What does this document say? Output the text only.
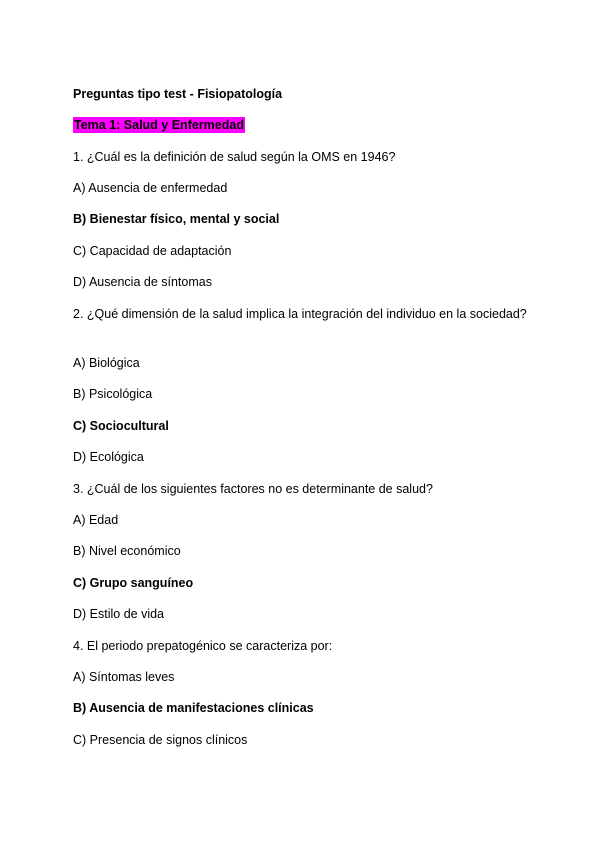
Preguntas tipo test - Fisiopatología
Tema 1: Salud y Enfermedad
1. ¿Cuál es la definición de salud según la OMS en 1946?
A) Ausencia de enfermedad
B) Bienestar físico, mental y social
C) Capacidad de adaptación
D) Ausencia de síntomas
2. ¿Qué dimensión de la salud implica la integración del individuo en la sociedad?
A) Biológica
B) Psicológica
C) Sociocultural
D) Ecológica
3. ¿Cuál de los siguientes factores no es determinante de salud?
A) Edad
B) Nivel económico
C) Grupo sanguíneo
D) Estilo de vida
4. El periodo prepatogénico se caracteriza por:
A) Síntomas leves
B) Ausencia de manifestaciones clínicas
C) Presencia de signos clínicos
